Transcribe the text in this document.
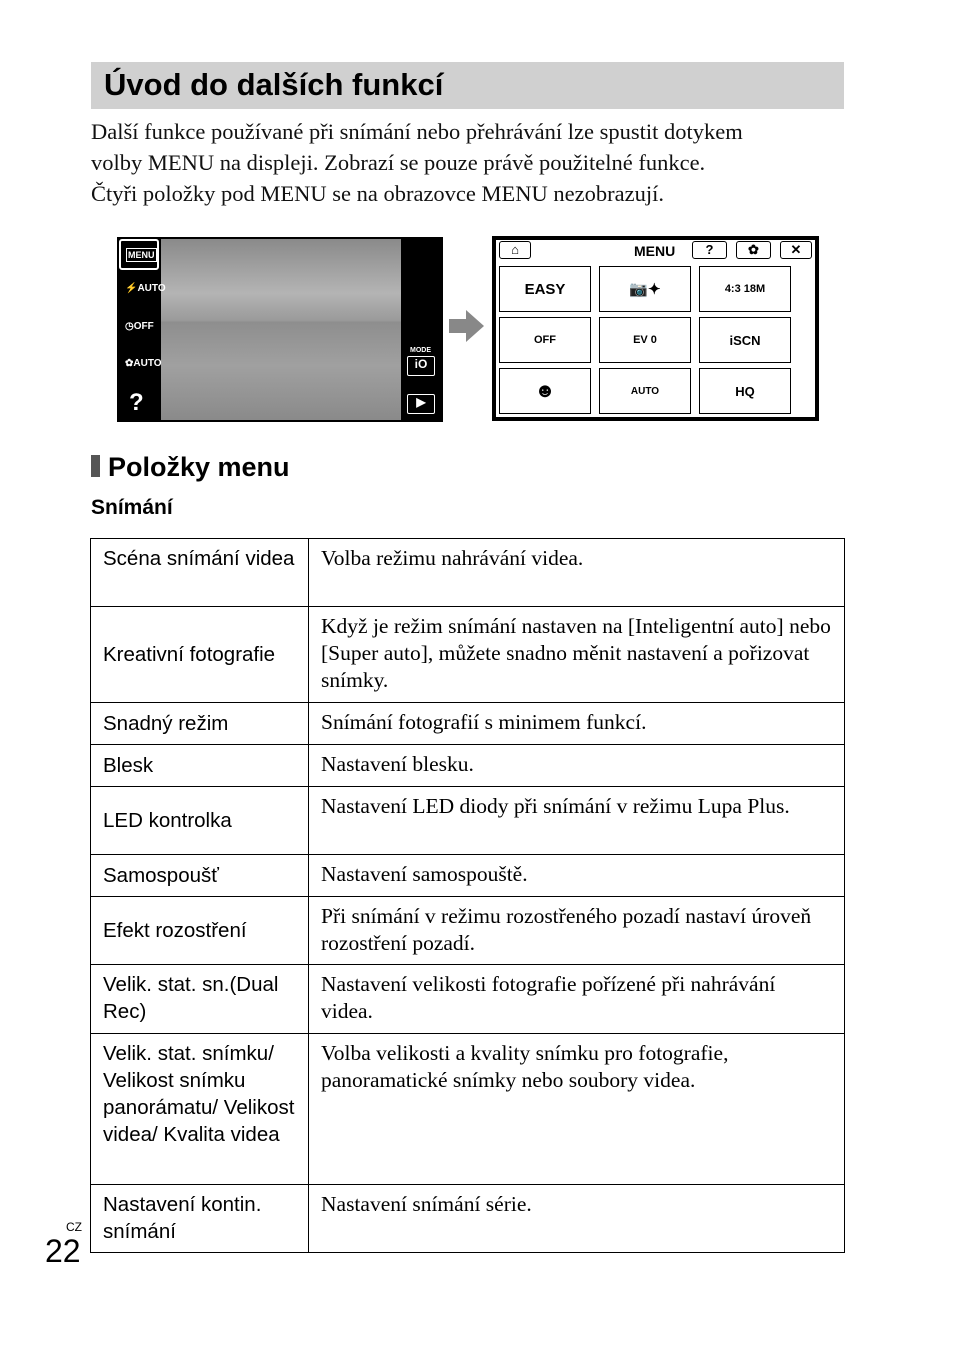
Úvod do dalších funkcí
Další funkce používané při snímání nebo přehrávání lze spustit dotykem
volby MENU na displeji. Zobrazí se pouze právě použitelné funkce.
Čtyři položky pod MENU se na obrazovce MENU nezobrazují.
MENU
⚡AUTO
◷OFF
✿AUTO
?
MODE
iO
▶
⌂	MENU	?	✿	✕
EASY	📷✦	4:3 18M
OFF	EV 0	iSCN
☻	AUTO	HQ
Položky menu
Snímání
Scéna snímání videa	Volba režimu nahrávání videa.
Kreativní fotografie	Když je režim snímání nastaven na [Inteligentní auto] nebo [Super auto], můžete snadno měnit nastavení a pořizovat snímky.
Snadný režim	Snímání fotografií s minimem funkcí.
Blesk	Nastavení blesku.
LED kontrolka	Nastavení LED diody při snímání v režimu Lupa Plus.
Samospoušť	Nastavení samospouště.
Efekt rozostření	Při snímání v režimu rozostřeného pozadí nastaví úroveň rozostření pozadí.
Velik. stat. sn.(Dual Rec)	Nastavení velikosti fotografie pořízené při nahrávání videa.
Velik. stat. snímku/ Velikost snímku panorámatu/ Velikost videa/ Kvalita videa	Volba velikosti a kvality snímku pro fotografie, panoramatické snímky nebo soubory videa.
Nastavení kontin. snímání	Nastavení snímání série.
CZ
22
